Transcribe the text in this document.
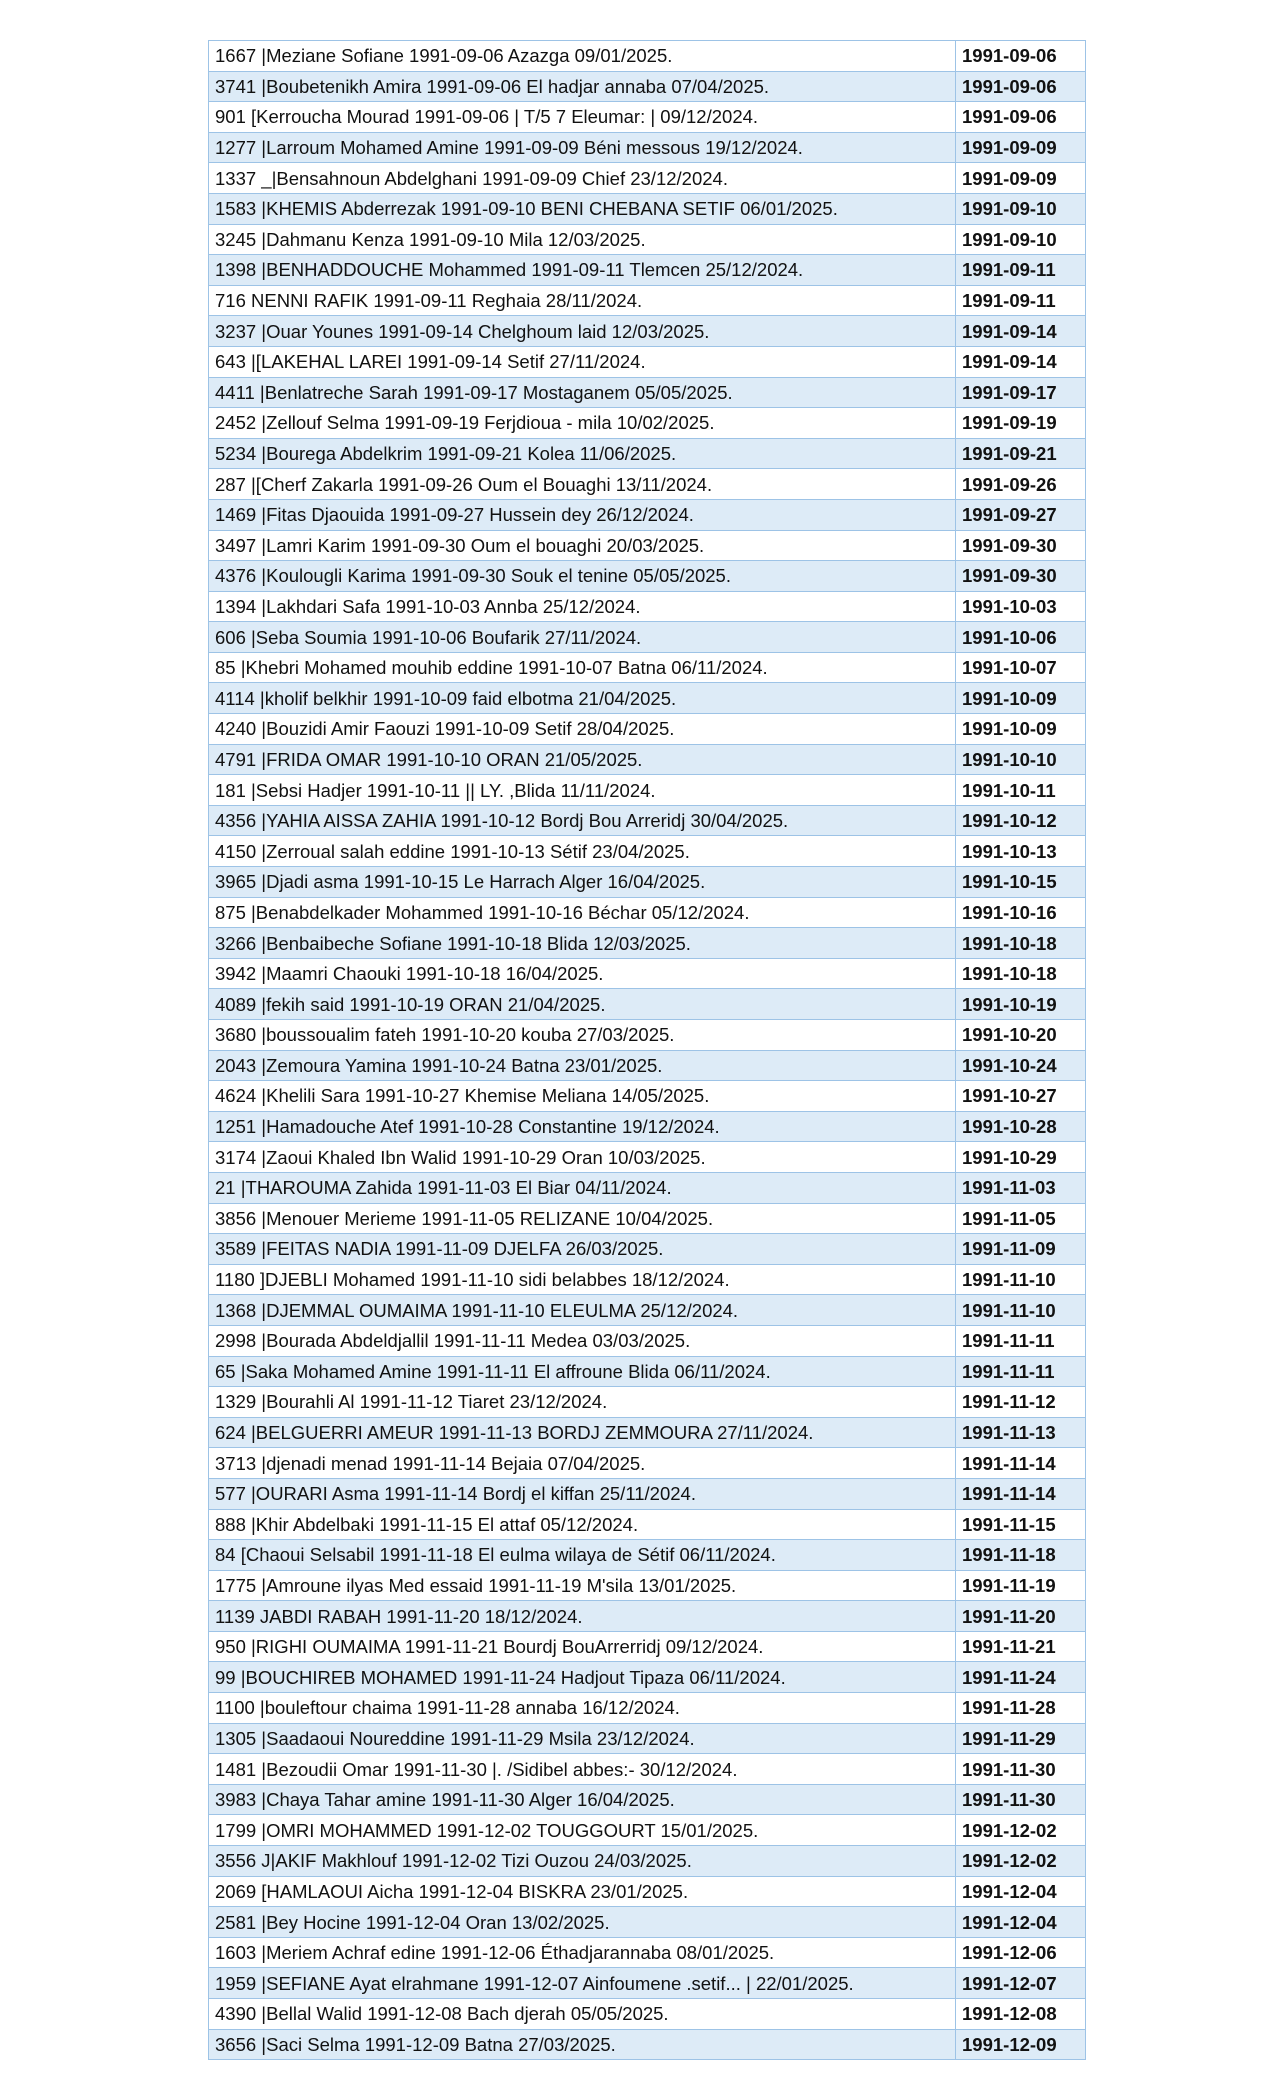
1667 |Meziane Sofiane 1991-09-06 Azazga 09/01/2025.	1991-09-06
3741 |Boubetenikh Amira 1991-09-06 El hadjar annaba 07/04/2025.	1991-09-06
901 [Kerroucha Mourad 1991-09-06 | T/5 7 Eleumar: | 09/12/2024.	1991-09-06
1277 |Larroum Mohamed Amine 1991-09-09 Béni messous 19/12/2024.	1991-09-09
1337 _|Bensahnoun Abdelghani 1991-09-09 Chief 23/12/2024.	1991-09-09
1583 |KHEMIS Abderrezak 1991-09-10 BENI CHEBANA SETIF 06/01/2025.	1991-09-10
3245 |Dahmanu Kenza 1991-09-10 Mila 12/03/2025.	1991-09-10
1398 |BENHADDOUCHE Mohammed 1991-09-11 Tlemcen 25/12/2024.	1991-09-11
716 NENNI RAFIK 1991-09-11 Reghaia 28/11/2024.	1991-09-11
3237 |Ouar Younes 1991-09-14 Chelghoum laid 12/03/2025.	1991-09-14
643 |[LAKEHAL LAREI 1991-09-14 Setif 27/11/2024.	1991-09-14
4411 |Benlatreche Sarah 1991-09-17 Mostaganem 05/05/2025.	1991-09-17
2452 |Zellouf Selma 1991-09-19 Ferjdioua - mila 10/02/2025.	1991-09-19
5234 |Bourega Abdelkrim 1991-09-21 Kolea 11/06/2025.	1991-09-21
287 |[Cherf Zakarla 1991-09-26 Oum el Bouaghi 13/11/2024.	1991-09-26
1469 |Fitas Djaouida 1991-09-27 Hussein dey 26/12/2024.	1991-09-27
3497 |Lamri Karim 1991-09-30 Oum el bouaghi 20/03/2025.	1991-09-30
4376 |Koulougli Karima 1991-09-30 Souk el tenine 05/05/2025.	1991-09-30
1394 |Lakhdari Safa 1991-10-03 Annba 25/12/2024.	1991-10-03
606 |Seba Soumia 1991-10-06 Boufarik 27/11/2024.	1991-10-06
85 |Khebri Mohamed mouhib eddine 1991-10-07 Batna 06/11/2024.	1991-10-07
4114 |kholif belkhir 1991-10-09 faid elbotma 21/04/2025.	1991-10-09
4240 |Bouzidi Amir Faouzi 1991-10-09 Setif 28/04/2025.	1991-10-09
4791 |FRIDA OMAR 1991-10-10 ORAN 21/05/2025.	1991-10-10
181 |Sebsi Hadjer 1991-10-11 || LY. ,Blida 11/11/2024.	1991-10-11
4356 |YAHIA AISSA ZAHIA 1991-10-12 Bordj Bou Arreridj 30/04/2025.	1991-10-12
4150 |Zerroual salah eddine 1991-10-13 Sétif 23/04/2025.	1991-10-13
3965 |Djadi asma 1991-10-15 Le Harrach Alger 16/04/2025.	1991-10-15
875 |Benabdelkader Mohammed 1991-10-16 Béchar 05/12/2024.	1991-10-16
3266 |Benbaibeche Sofiane 1991-10-18 Blida 12/03/2025.	1991-10-18
3942 |Maamri Chaouki 1991-10-18 16/04/2025.	1991-10-18
4089 |fekih said 1991-10-19 ORAN 21/04/2025.	1991-10-19
3680 |boussoualim fateh 1991-10-20 kouba 27/03/2025.	1991-10-20
2043 |Zemoura Yamina 1991-10-24 Batna 23/01/2025.	1991-10-24
4624 |Khelili Sara 1991-10-27 Khemise Meliana 14/05/2025.	1991-10-27
1251 |Hamadouche Atef 1991-10-28 Constantine 19/12/2024.	1991-10-28
3174 |Zaoui Khaled Ibn Walid 1991-10-29 Oran 10/03/2025.	1991-10-29
21 |THAROUMA Zahida 1991-11-03 El Biar 04/11/2024.	1991-11-03
3856 |Menouer Merieme 1991-11-05 RELIZANE 10/04/2025.	1991-11-05
3589 |FEITAS NADIA 1991-11-09 DJELFA 26/03/2025.	1991-11-09
1180 ]DJEBLI Mohamed 1991-11-10 sidi belabbes 18/12/2024.	1991-11-10
1368 |DJEMMAL OUMAIMA 1991-11-10 ELEULMA 25/12/2024.	1991-11-10
2998 |Bourada Abdeldjallil 1991-11-11 Medea 03/03/2025.	1991-11-11
65 |Saka Mohamed Amine 1991-11-11 El affroune Blida 06/11/2024.	1991-11-11
1329 |Bourahli Al 1991-11-12 Tiaret 23/12/2024.	1991-11-12
624 |BELGUERRI AMEUR 1991-11-13 BORDJ ZEMMOURA 27/11/2024.	1991-11-13
3713 |djenadi menad 1991-11-14 Bejaia 07/04/2025.	1991-11-14
577 |OURARI Asma 1991-11-14 Bordj el kiffan 25/11/2024.	1991-11-14
888 |Khir Abdelbaki 1991-11-15 El attaf 05/12/2024.	1991-11-15
84 [Chaoui Selsabil 1991-11-18 El eulma wilaya de Sétif 06/11/2024.	1991-11-18
1775 |Amroune ilyas Med essaid 1991-11-19 M'sila 13/01/2025.	1991-11-19
1139 JABDI RABAH 1991-11-20 18/12/2024.	1991-11-20
950 |RIGHI OUMAIMA 1991-11-21 Bourdj BouArrerridj 09/12/2024.	1991-11-21
99 |BOUCHIREB MOHAMED 1991-11-24 Hadjout Tipaza 06/11/2024.	1991-11-24
1100 |bouleftour chaima 1991-11-28 annaba 16/12/2024.	1991-11-28
1305 |Saadaoui Noureddine 1991-11-29 Msila 23/12/2024.	1991-11-29
1481 |Bezoudii Omar 1991-11-30 |. /Sidibel abbes:- 30/12/2024.	1991-11-30
3983 |Chaya Tahar amine 1991-11-30 Alger 16/04/2025.	1991-11-30
1799 |OMRI MOHAMMED 1991-12-02 TOUGGOURT 15/01/2025.	1991-12-02
3556 J|AKIF Makhlouf 1991-12-02 Tizi Ouzou 24/03/2025.	1991-12-02
2069 [HAMLAOUI Aicha 1991-12-04 BISKRA 23/01/2025.	1991-12-04
2581 |Bey Hocine 1991-12-04 Oran 13/02/2025.	1991-12-04
1603 |Meriem Achraf edine 1991-12-06 Éthadjarannaba 08/01/2025.	1991-12-06
1959 |SEFIANE Ayat elrahmane 1991-12-07 Ainfoumene .setif... | 22/01/2025.	1991-12-07
4390 |Bellal Walid 1991-12-08 Bach djerah 05/05/2025.	1991-12-08
3656 |Saci Selma 1991-12-09 Batna 27/03/2025.	1991-12-09
